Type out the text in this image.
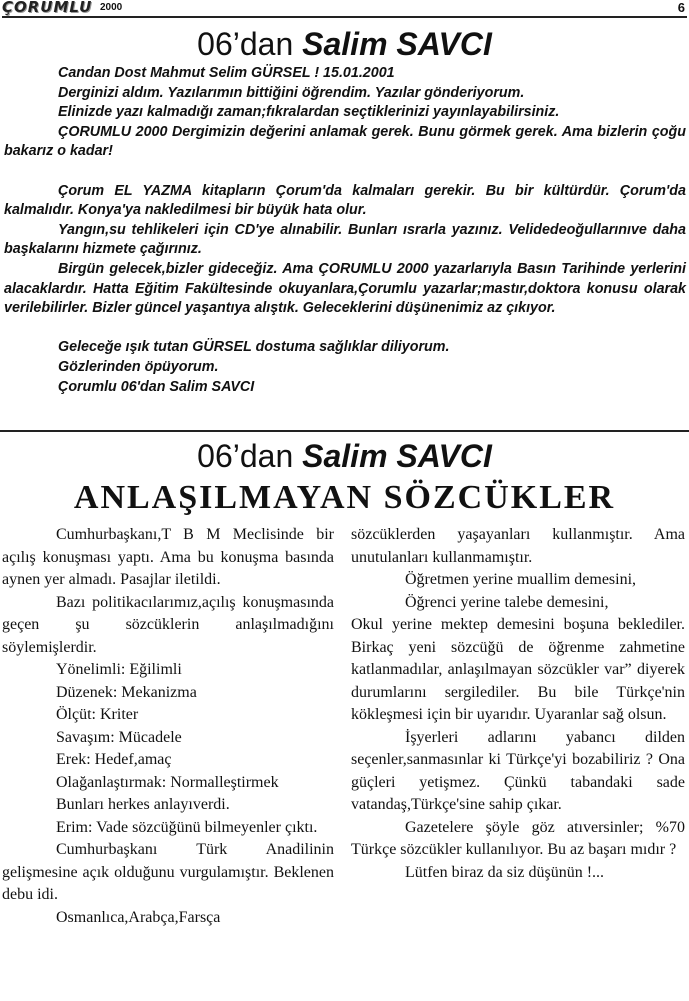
ÇORUMLU 2000	6
06’dan Salim SAVCI

Candan Dost Mahmut Selim GÜRSEL ! 15.01.2001

Derginizi aldım. Yazılarımın bittiğini öğrendim. Yazılar gönderiyorum.

Elinizde yazı kalmadığı zaman;fıkralardan seçtiklerinizi yayınlayabilirsiniz.

ÇORUMLU 2000 Dergimizin değerini anlamak gerek. Bunu görmek gerek. Ama bizlerin çoğu bakarız o kadar!

Çorum EL YAZMA kitapların Çorum'da kalmaları gerekir. Bu bir kültürdür. Çorum'da kalmalıdır. Konya'ya nakledilmesi bir büyük hata olur.

Yangın,su tehlikeleri için CD'ye alınabilir. Bunları ısrarla yazınız. Velidedeoğullarınıve daha başkalarını hizmete çağırınız.

Birgün gelecek,bizler gideceğiz. Ama ÇORUMLU 2000 yazarlarıyla Basın Tarihinde yerlerini alacaklardır. Hatta Eğitim Fakültesinde okuyanlara,Çorumlu yazarlar;mastır,doktora konusu olarak verilebilirler. Bizler güncel yaşantıya alıştık. Geleceklerini düşünenimiz az çıkıyor.

Geleceğe ışık tutan GÜRSEL dostuma sağlıklar diliyorum.

Gözlerinden öpüyorum.

Çorumlu 06'dan Salim SAVCI

06’dan Salim SAVCI
ANLAŞILMAYAN SÖZCÜKLER

Cumhurbaşkanı,T B M Meclisinde bir açılış konuşması yaptı. Ama bu konuşma basında aynen yer almadı. Pasajlar iletildi.

Bazı politikacılarımız,açılış konuşmasında geçen şu sözcüklerin anlaşılmadığını söylemişlerdir.

Yönelimli: Eğilimli

Düzenek: Mekanizma

Ölçüt: Kriter

Savaşım: Mücadele

Erek: Hedef,amaç

Olağanlaştırmak: Normalleştirmek

Bunları herkes anlayıverdi.

Erim: Vade sözcüğünü bilmeyenler çıktı.

Cumhurbaşkanı Türk Anadilinin gelişmesine açık olduğunu vurgulamıştır. Beklenen debu idi.

Osmanlıca,Arabça,Farsça

sözcüklerden yaşayanları kullanmıştır. Ama unutulanları kullanmamıştır.

Öğretmen yerine muallim demesini,

Öğrenci yerine talebe demesini,

Okul yerine mektep demesini boşuna beklediler. Birkaç yeni sözcüğü de öğrenme zahmetine katlanmadılar, anlaşılmayan sözcükler var” diyerek durumlarını sergilediler. Bu bile Türkçe'nin kökleşmesi için bir uyarıdır. Uyaranlar sağ olsun.

İşyerleri adlarını yabancı dilden seçenler,sanmasınlar ki Türkçe'yi bozabiliriz ? Ona güçleri yetişmez. Çünkü tabandaki sade vatandaş,Türkçe'sine sahip çıkar.

Gazetelere şöyle göz atıversinler; %70 Türkçe sözcükler kullanılıyor. Bu az başarı mıdır ?

Lütfen biraz da siz düşünün !...
